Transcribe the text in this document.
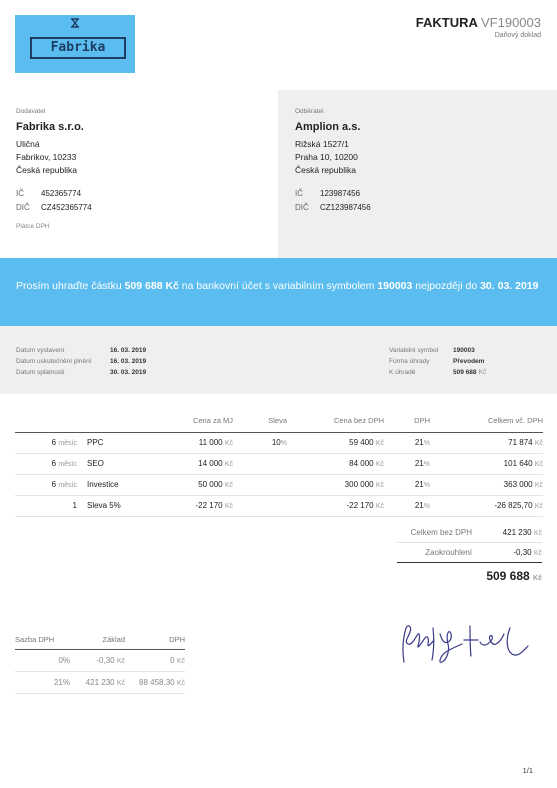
Fabrika
FAKTURA VF190003
Daňový doklad
Dodavatel
Fabrika s.r.o.
Uličná
Fabrikov, 10233
Česká republika
IČ 452365774
DIČ CZ452365774
Plátce DPH
Odběratel
Amplion a.s.
Rižská 1527/1
Praha 10, 10200
Česká republika
IČ 123987456
DIČ CZ123987456
Prosím uhraďte částku 509 688 Kč na bankovní účet s variabilním symbolem 190003 nejpozději do 30. 03. 2019
Datum vystavení	16. 03. 2019
Datum uskutečnění plnění	16. 03. 2019
Datum splatnosti	30. 03. 2019
Variabilní symbol 190003
Forma úhrady	Převodem
K úhradě	509 688 Kč
		Cena za MJ	Sleva	Cena bez DPH	DPH	Celkem vč. DPH
6 měsíc	PPC	11 000 Kč	10%	59 400 Kč	21%	71 874 Kč
6 měsíc	SEO	14 000 Kč		84 000 Kč	21%	101 640 Kč
6 měsíc	Investice	50 000 Kč		300 000 Kč	21%	363 000 Kč
1	Sleva 5%	-22 170 Kč		-22 170 Kč	21%	-26 825,70 Kč
Celkem bez DPH	421 230 Kč
Zaokrouhlení	-0,30 Kč
509 688 Kč
Sazba DPH	Základ	DPH
0%	-0,30 Kč	0 Kč
21%	421 230 Kč	88 458,30 Kč
1/1
